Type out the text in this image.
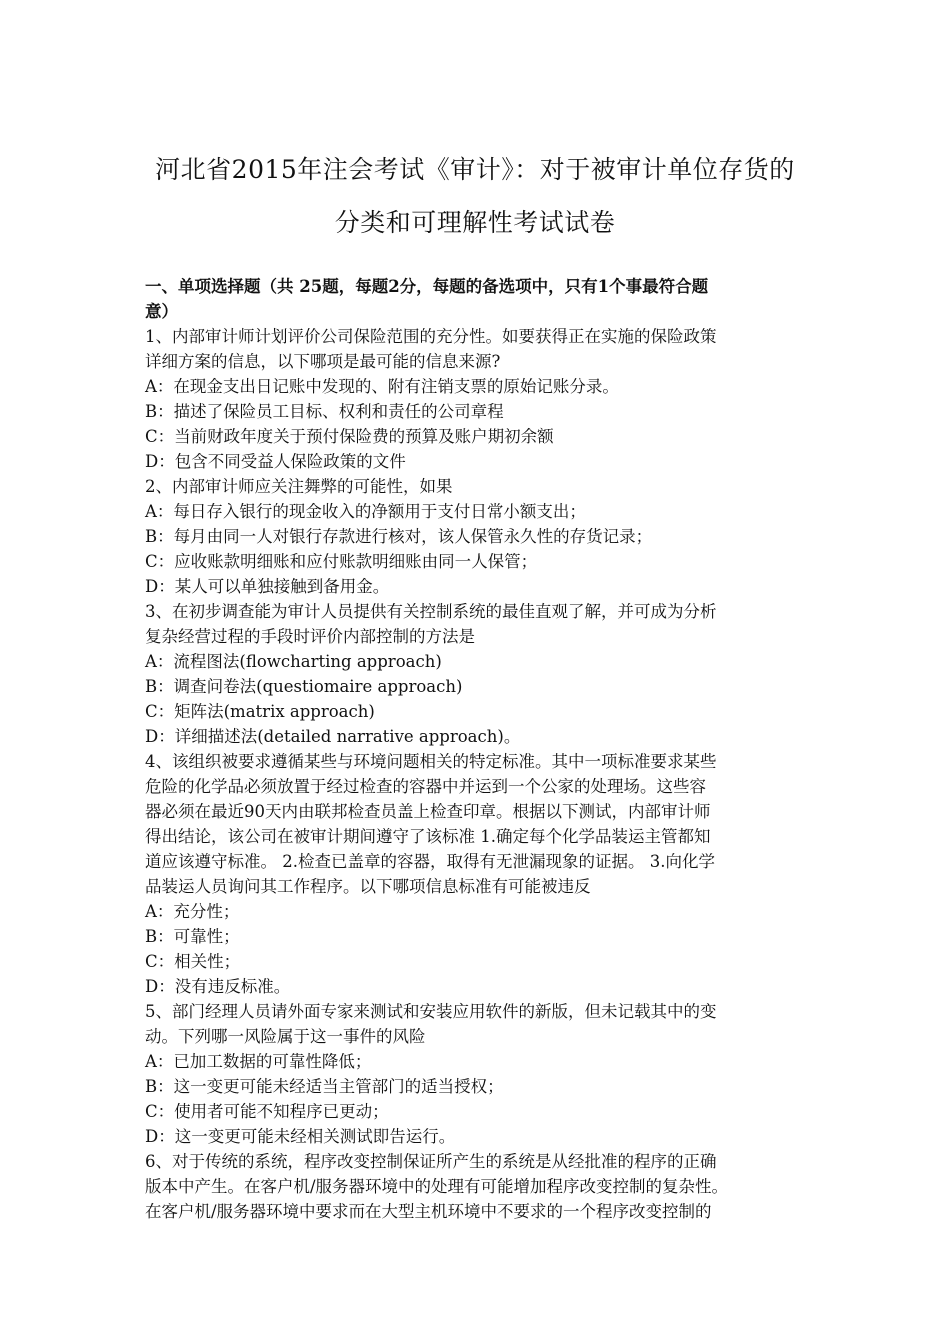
河北省2015年注会考试《审计》：对于被审计单位存货的
分类和可理解性考试试卷
一、单项选择题（共 25题，每题2分，每题的备选项中，只有1个事最符合题
意）
1、内部审计师计划评价公司保险范围的充分性。如要获得正在实施的保险政策
详细方案的信息，以下哪项是最可能的信息来源?
A：在现金支出日记账中发现的、附有注销支票的原始记账分录。
B：描述了保险员工目标、权利和责任的公司章程
C：当前财政年度关于预付保险费的预算及账户期初余额
D：包含不同受益人保险政策的文件
2、内部审计师应关注舞弊的可能性，如果
A：每日存入银行的现金收入的净额用于支付日常小额支出；
B：每月由同一人对银行存款进行核对，该人保管永久性的存货记录；
C：应收账款明细账和应付账款明细账由同一人保管；
D：某人可以单独接触到备用金。
3、在初步调查能为审计人员提供有关控制系统的最佳直观了解，并可成为分析
复杂经营过程的手段时评价内部控制的方法是
A：流程图法(flowcharting approach)
B：调查问卷法(questiomaire approach)
C：矩阵法(matrix approach)
D：详细描述法(detailed narrative approach)。
4、该组织被要求遵循某些与环境问题相关的特定标准。其中一项标准要求某些
危险的化学品必须放置于经过检查的容器中并运到一个公家的处理场。这些容
器必须在最近90天内由联邦检查员盖上检查印章。根据以下测试，内部审计师
得出结论，该公司在被审计期间遵守了该标准 1.确定每个化学品装运主管都知
道应该遵守标准。 2.检查已盖章的容器，取得有无泄漏现象的证据。 3.向化学
品装运人员询问其工作程序。以下哪项信息标准有可能被违反
A：充分性；
B：可靠性；
C：相关性；
D：没有违反标准。
5、部门经理人员请外面专家来测试和安装应用软件的新版，但未记载其中的变
动。下列哪一风险属于这一事件的风险
A：已加工数据的可靠性降低；
B：这一变更可能未经适当主管部门的适当授权；
C：使用者可能不知程序已更动；
D：这一变更可能未经相关测试即告运行。
6、对于传统的系统，程序改变控制保证所产生的系统是从经批准的程序的正确
版本中产生。在客户机/服务器环境中的处理有可能增加程序改变控制的复杂性。
在客户机/服务器环境中要求而在大型主机环境中不要求的一个程序改变控制的
